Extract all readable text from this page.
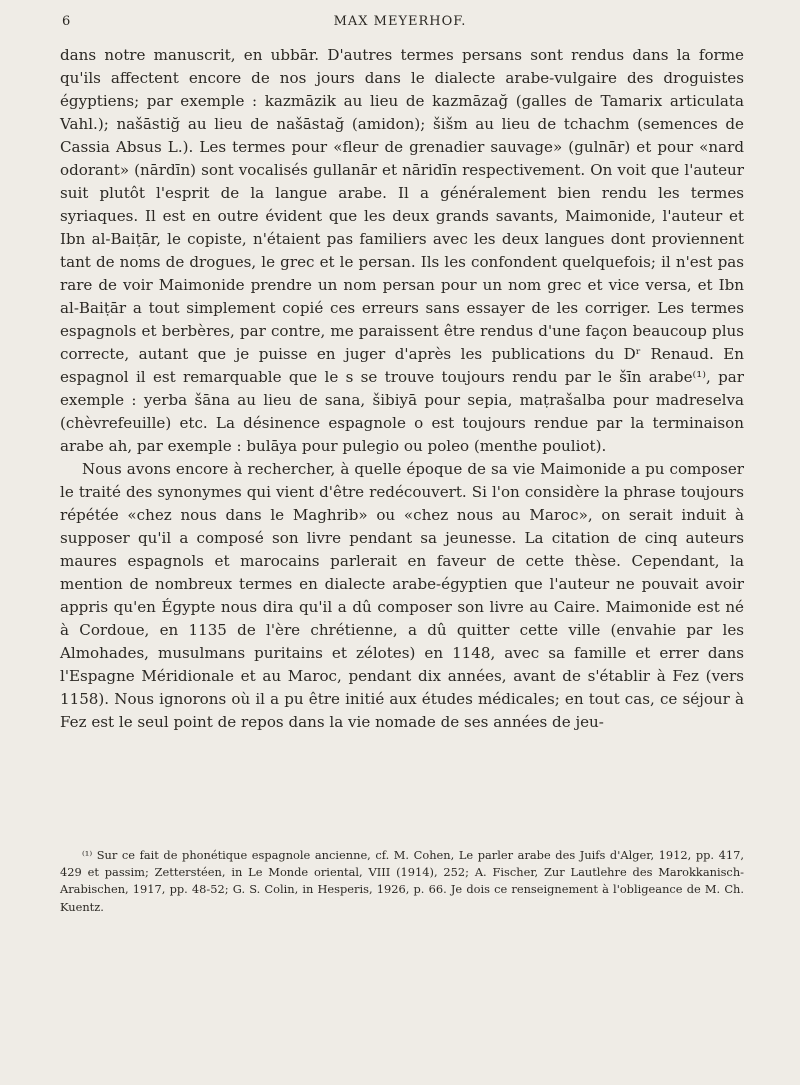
6	MAX MEYERHOF.

dans notre manuscrit, en ubbār. D'autres termes persans sont rendus dans la forme qu'ils affectent encore de nos jours dans le dialecte arabe-vulgaire des droguistes égyptiens; par exemple : kazmāzik au lieu de kazmāzağ (galles de Tamarix articulata Vahl.); našāstiğ au lieu de našāstağ (amidon); šišm au lieu de tchachm (semences de Cassia Absus L.). Les termes pour «fleur de grenadier sauvage» (gulnār) et pour «nard odorant» (nārdīn) sont vocalisés gullanār et nāridīn respectivement. On voit que l'auteur suit plutôt l'esprit de la langue arabe. Il a généralement bien rendu les termes syriaques. Il est en outre évident que les deux grands savants, Maimonide, l'auteur et Ibn al-Baiṭār, le copiste, n'étaient pas familiers avec les deux langues dont proviennent tant de noms de drogues, le grec et le persan. Ils les confondent quelquefois; il n'est pas rare de voir Maimonide prendre un nom persan pour un nom grec et vice versa, et Ibn al-Baiṭār a tout simplement copié ces erreurs sans essayer de les corriger. Les termes espagnols et berbères, par contre, me paraissent être rendus d'une façon beaucoup plus correcte, autant que je puisse en juger d'après les publications du Dʳ Renaud. En espagnol il est remarquable que le s se trouve toujours rendu par le šīn arabe⁽¹⁾, par exemple : yerba šāna au lieu de sana, šibiyā pour sepia, maṭrašalba pour madreselva (chèvrefeuille) etc. La désinence espagnole o est toujours rendue par la terminaison arabe ah, par exemple : bulāya pour pulegio ou poleo (menthe pouliot).

Nous avons encore à rechercher, à quelle époque de sa vie Maimonide a pu composer le traité des synonymes qui vient d'être redécouvert. Si l'on considère la phrase toujours répétée «chez nous dans le Maghrib» ou «chez nous au Maroc», on serait induit à supposer qu'il a composé son livre pendant sa jeunesse. La citation de cinq auteurs maures espagnols et marocains parlerait en faveur de cette thèse. Cependant, la mention de nombreux termes en dialecte arabe-égyptien que l'auteur ne pouvait avoir appris qu'en Égypte nous dira qu'il a dû composer son livre au Caire. Maimonide est né à Cordoue, en 1135 de l'ère chrétienne, a dû quitter cette ville (envahie par les Almohades, musulmans puritains et zélotes) en 1148, avec sa famille et errer dans l'Espagne Méridionale et au Maroc, pendant dix années, avant de s'établir à Fez (vers 1158). Nous ignorons où il a pu être initié aux études médicales; en tout cas, ce séjour à Fez est le seul point de repos dans la vie nomade de ses années de jeu-

⁽¹⁾ Sur ce fait de phonétique espagnole ancienne, cf. M. Cohen, Le parler arabe des Juifs d'Alger, 1912, pp. 417, 429 et passim; Zetterstéen, in Le Monde oriental, VIII (1914), 252; A. Fischer, Zur Lautlehre des Marokkanisch-Arabischen, 1917, pp. 48-52; G. S. Colin, in Hesperis, 1926, p. 66. Je dois ce renseignement à l'obligeance de M. Ch. Kuentz.
